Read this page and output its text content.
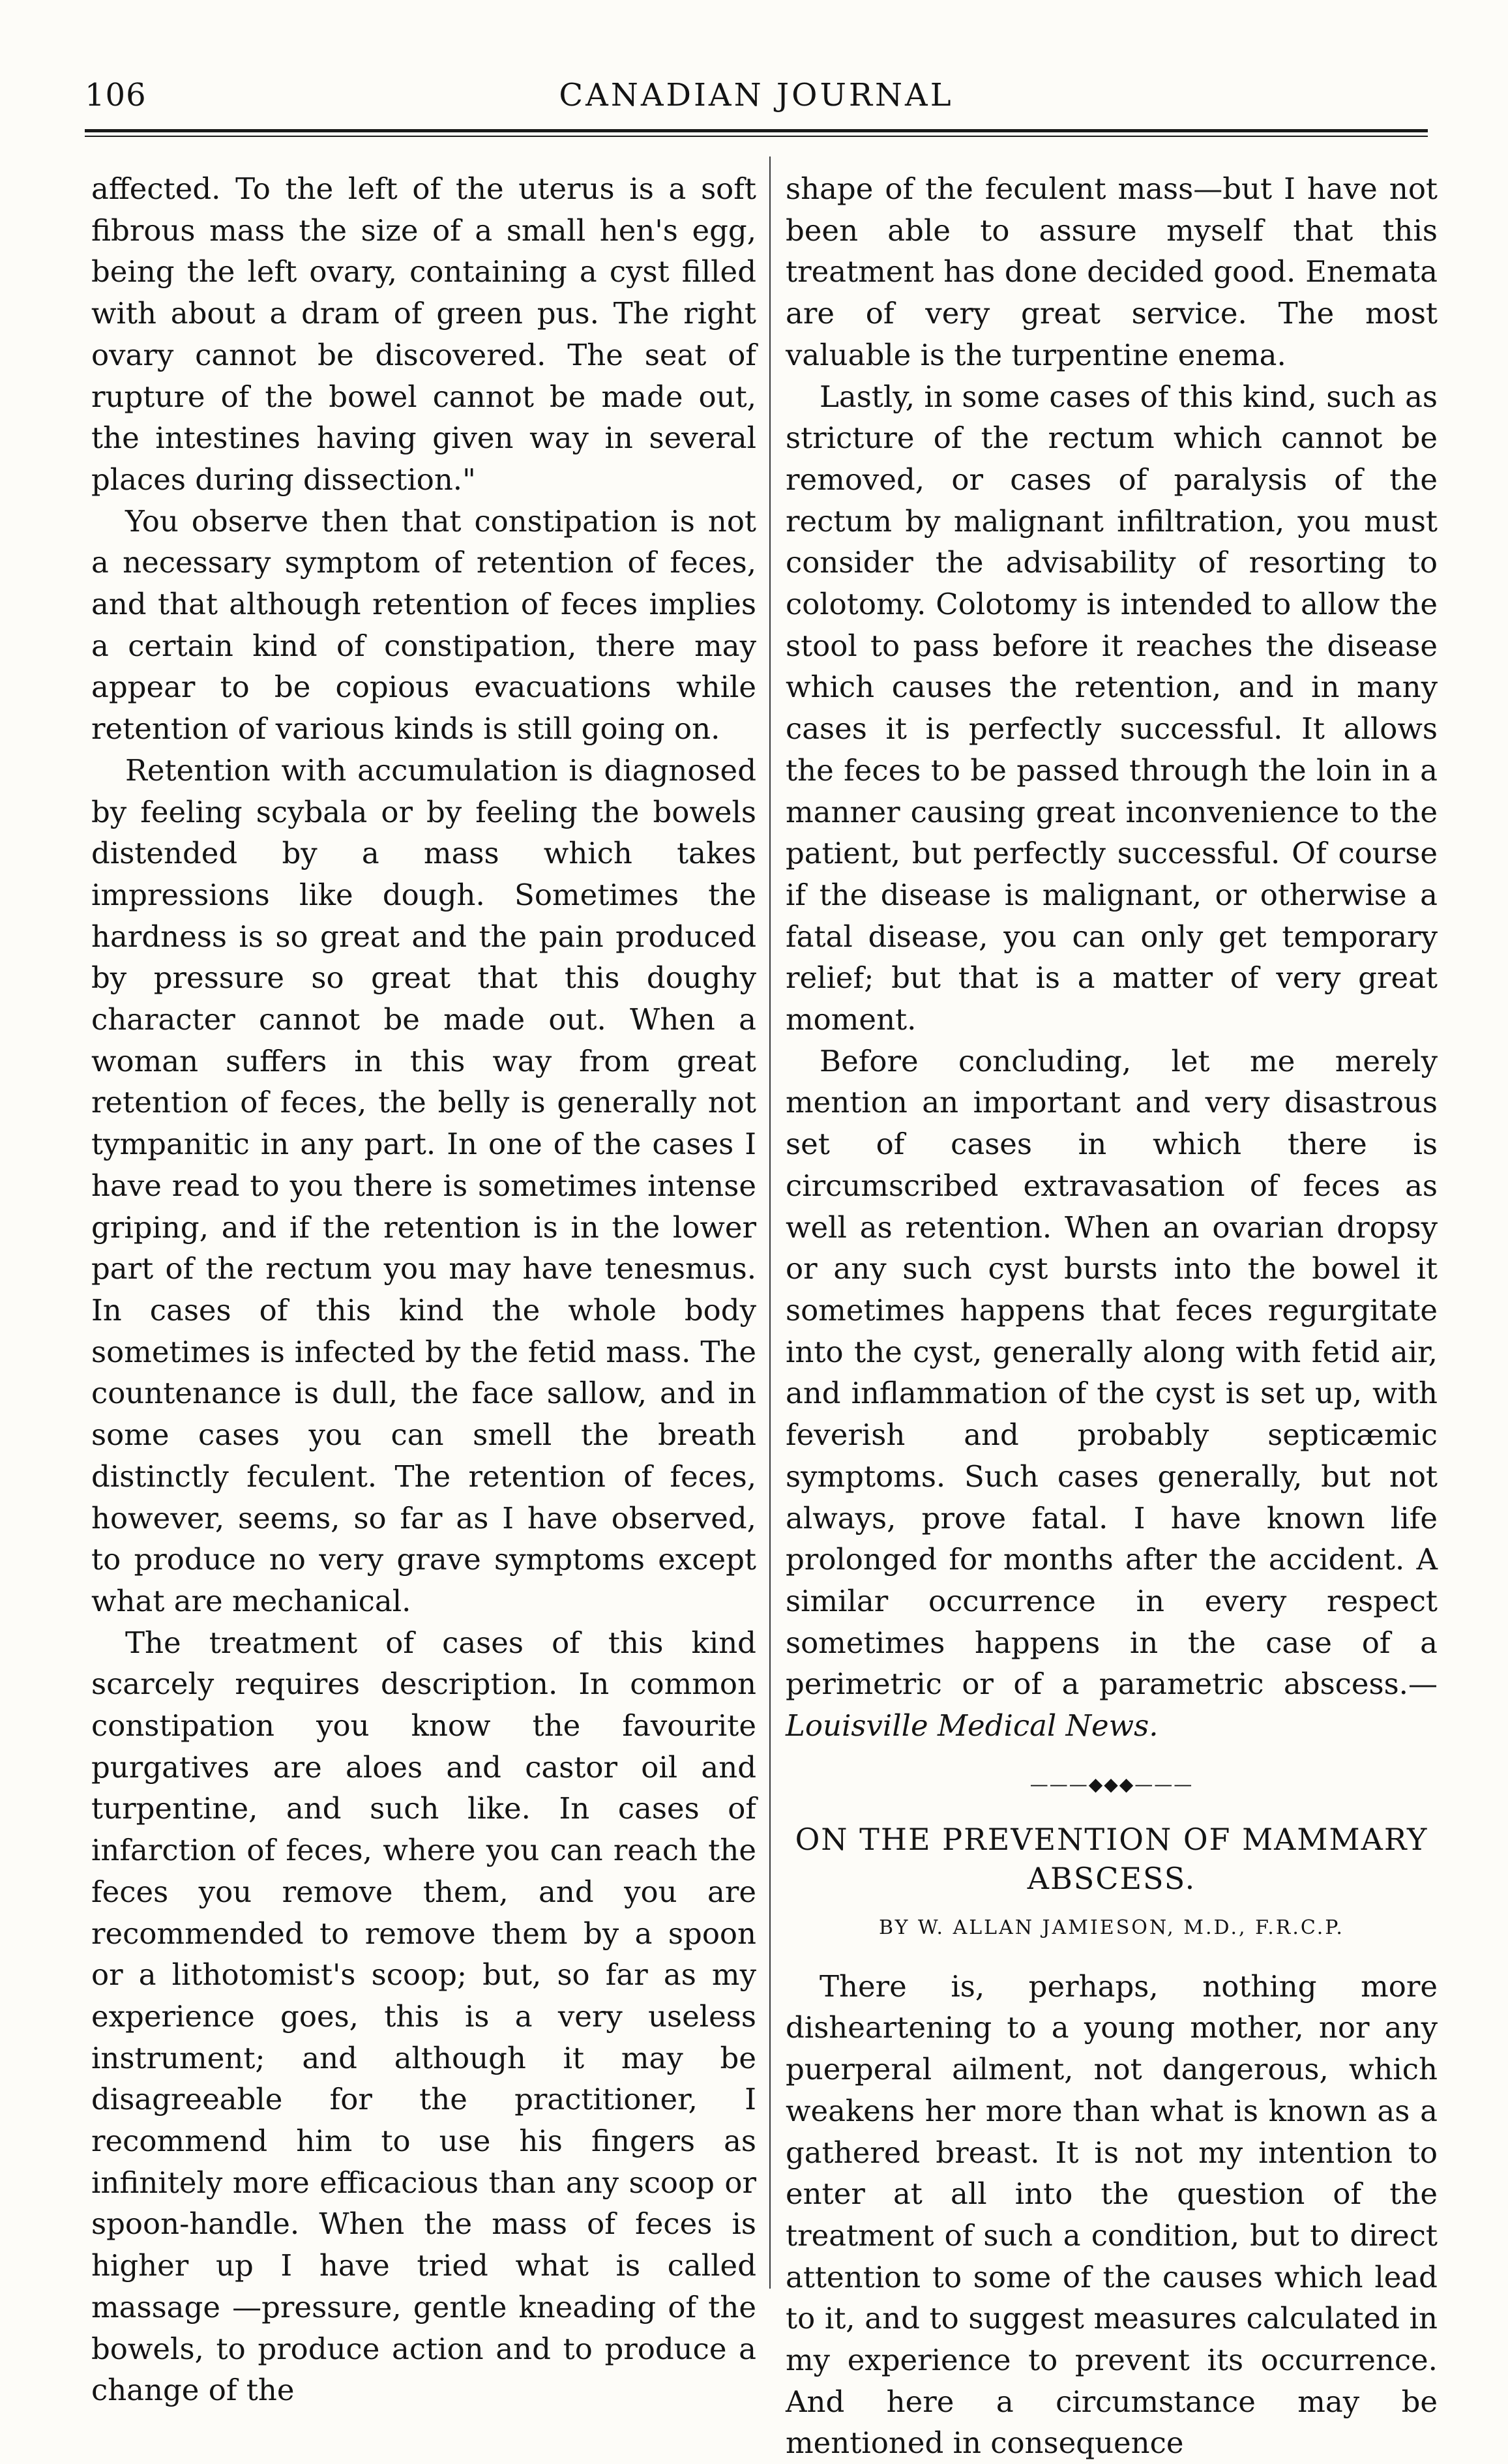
106	CANADIAN JOURNAL

affected. To the left of the uterus is a soft fibrous mass the size of a small hen's egg, being the left ovary, containing a cyst filled with about a dram of green pus. The right ovary cannot be discovered. The seat of rupture of the bowel cannot be made out, the intestines having given way in several places during dissection."

You observe then that constipation is not a necessary symptom of retention of feces, and that although retention of feces implies a certain kind of constipation, there may appear to be copious evacuations while retention of various kinds is still going on.

Retention with accumulation is diagnosed by feeling scybala or by feeling the bowels distended by a mass which takes impressions like dough. Sometimes the hardness is so great and the pain produced by pressure so great that this doughy character cannot be made out. When a woman suffers in this way from great retention of feces, the belly is generally not tympanitic in any part. In one of the cases I have read to you there is sometimes intense griping, and if the retention is in the lower part of the rectum you may have tenesmus. In cases of this kind the whole body sometimes is infected by the fetid mass. The countenance is dull, the face sallow, and in some cases you can smell the breath distinctly feculent. The retention of feces, however, seems, so far as I have observed, to produce no very grave symptoms except what are mechanical.

The treatment of cases of this kind scarcely requires description. In common constipation you know the favourite purgatives are aloes and castor oil and turpentine, and such like. In cases of infarction of feces, where you can reach the feces you remove them, and you are recommended to remove them by a spoon or a lithotomist's scoop; but, so far as my experience goes, this is a very useless instrument; and although it may be disagreeable for the practitioner, I recommend him to use his fingers as infinitely more efficacious than any scoop or spoon-handle. When the mass of feces is higher up I have tried what is called massage —pressure, gentle kneading of the bowels, to produce action and to produce a change of the

shape of the feculent mass—but I have not been able to assure myself that this treatment has done decided good. Enemata are of very great service. The most valuable is the turpentine enema.

Lastly, in some cases of this kind, such as stricture of the rectum which cannot be removed, or cases of paralysis of the rectum by malignant infiltration, you must consider the advisability of resorting to colotomy. Colotomy is intended to allow the stool to pass before it reaches the disease which causes the retention, and in many cases it is perfectly successful. It allows the feces to be passed through the loin in a manner causing great inconvenience to the patient, but perfectly successful. Of course if the disease is malignant, or otherwise a fatal disease, you can only get temporary relief; but that is a matter of very great moment.

Before concluding, let me merely mention an important and very disastrous set of cases in which there is circumscribed extravasation of feces as well as retention. When an ovarian dropsy or any such cyst bursts into the bowel it sometimes happens that feces regurgitate into the cyst, generally along with fetid air, and inflammation of the cyst is set up, with feverish and probably septicæmic symptoms. Such cases generally, but not always, prove fatal. I have known life prolonged for months after the accident. A similar occurrence in every respect sometimes happens in the case of a perimetric or of a parametric abscess.—Louisville Medical News.

———◆◆◆———
ON THE PREVENTION OF MAMMARY ABSCESS.
BY W. ALLAN JAMIESON, M.D., F.R.C.P.

There is, perhaps, nothing more disheartening to a young mother, nor any puerperal ailment, not dangerous, which weakens her more than what is known as a gathered breast. It is not my intention to enter at all into the question of the treatment of such a condition, but to direct attention to some of the causes which lead to it, and to suggest measures calculated in my experience to prevent its occurrence. And here a circumstance may be mentioned in consequence
